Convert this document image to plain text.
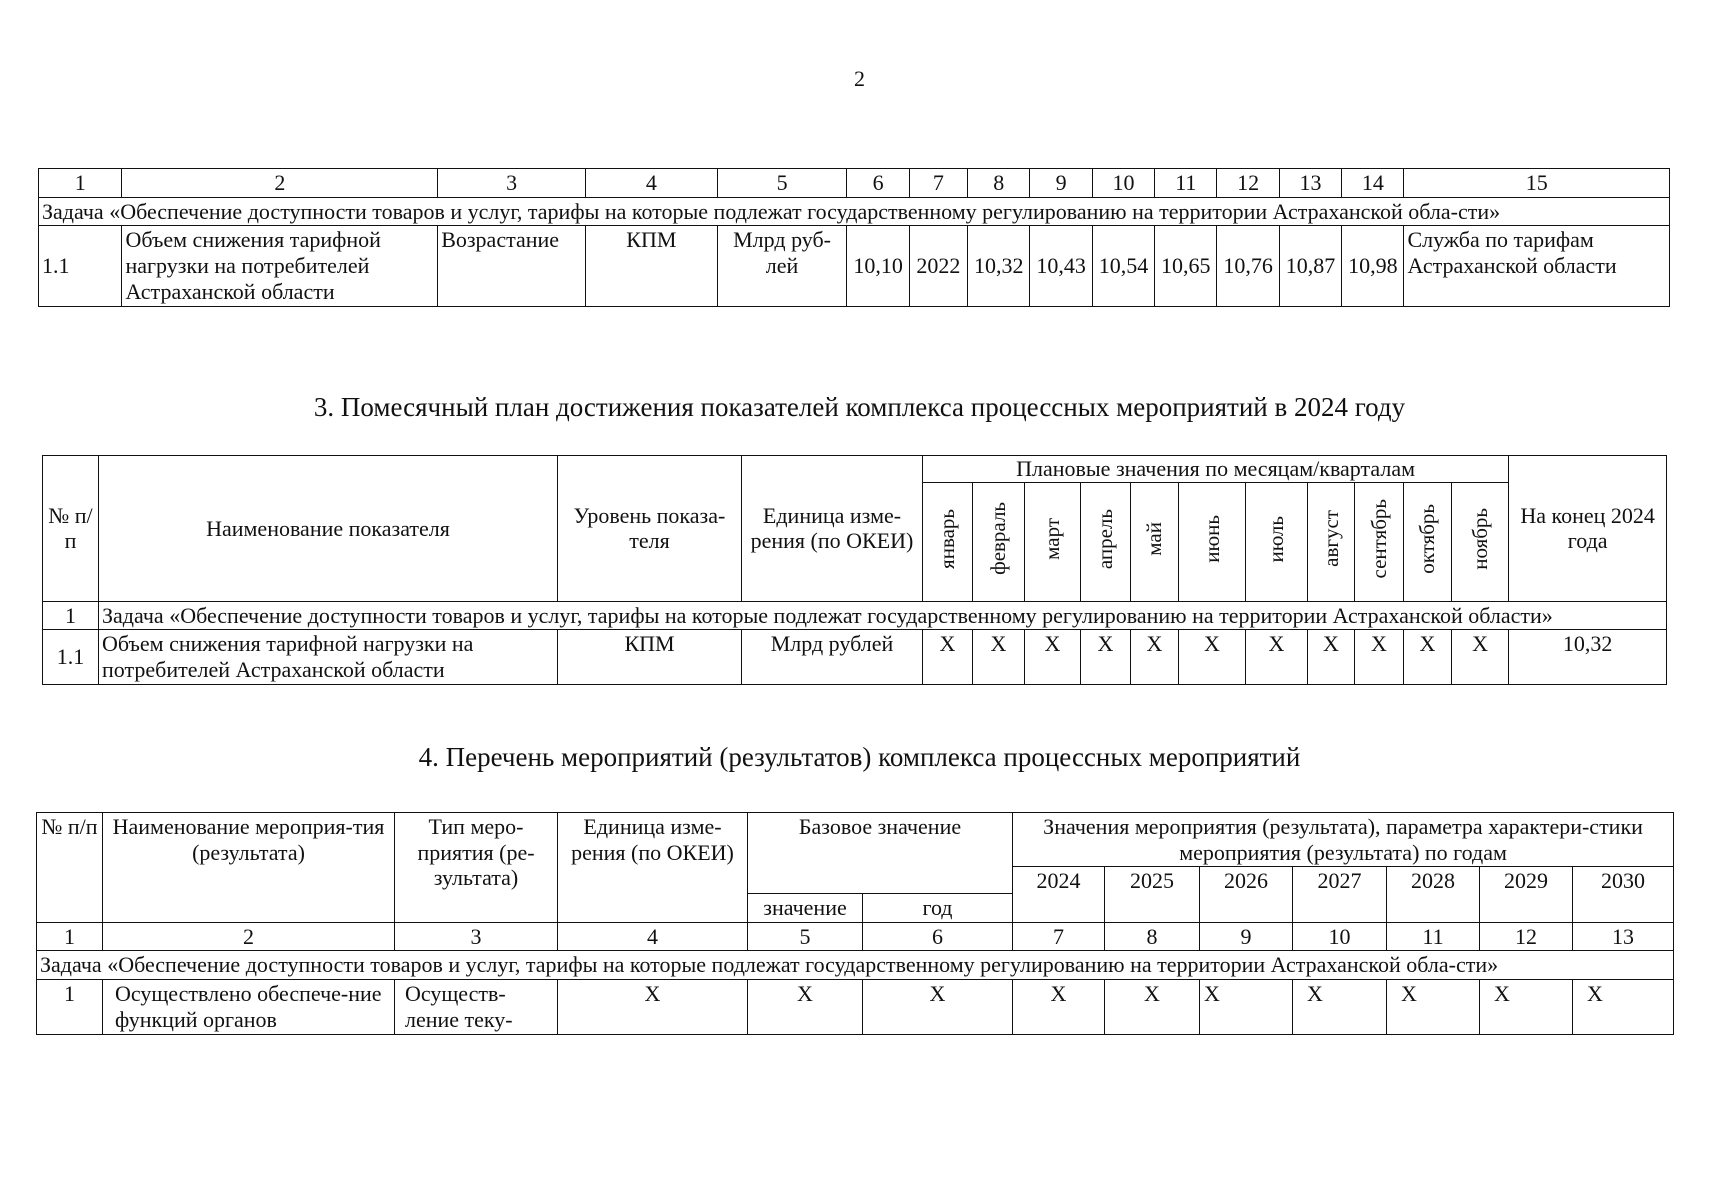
2
1	2	3	4	5	6	7	8	9	10	11	12	13	14	15
Задача «Обеспечение доступности товаров и услуг, тарифы на которые подлежат государственному регулированию на территории Астраханской обла-сти»														
1.1	Объем снижения тарифной нагрузки на потребителей Астраханской области	Возрастание	КПМ	Млрд руб-лей	10,10	2022	10,32	10,43	10,54	10,65	10,76	10,87	10,98	Служба по тарифам Астраханской области
3. Помесячный план достижения показателей комплекса процессных мероприятий в 2024 году
№ п/п	Наименование показателя	Уровень показа-теля	Единица изме-рения (по ОКЕИ)	Плановые значения по месяцам/кварталам											На конец 2024 года
				январь	февраль	март	апрель	май	июнь	июль	август	сентябрь	октябрь	ноябрь	
1	Задача «Обеспечение доступности товаров и услуг, тарифы на которые подлежат государственному регулированию на территории Астраханской области»														
1.1	Объем снижения тарифной нагрузки на потребителей Астраханской области	КПМ	Млрд рублей	X	X	X	X	X	X	X	X	X	X	X	10,32
4. Перечень мероприятий (результатов) комплекса процессных мероприятий
№ п/п	Наименование мероприя-тия (результата)	Тип меро-приятия (ре-зультата)	Единица изме-рения (по ОКЕИ)	Базовое значение		Значения мероприятия (результата), параметра характери-стики мероприятия (результата) по годам						
						2024	2025	2026	2027	2028	2029	2030
				значение	год							
1	2	3	4	5	6	7	8	9	10	11	12	13
Задача «Обеспечение доступности товаров и услуг, тарифы на которые подлежат государственному регулированию на территории Астраханской обла-сти»												
1	Осуществлено обеспече-ние функций органов	Осуществ-ление теку-	X	X	X	X	X	X	X	X	X	X
